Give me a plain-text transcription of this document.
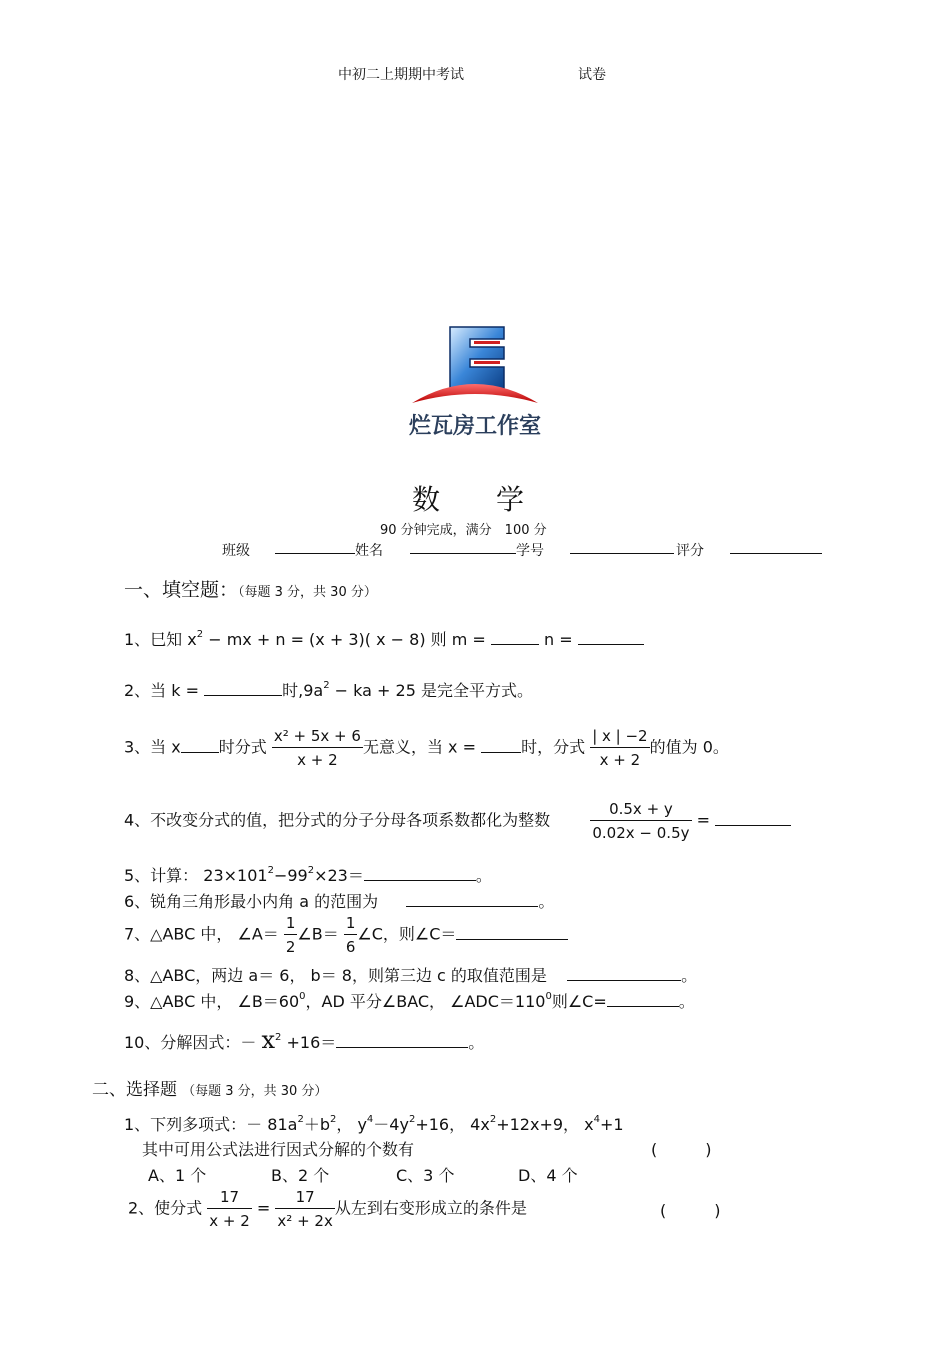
中初二上期期中考试	试卷
烂瓦房工作室
数　　学
90 分钟完成，满分　100 分
班级	姓名	学号	评分
一、填空题：（每题 3 分，共 30 分）
1、巳知 $x^2$ − mx + n = (x + 3)( x − 8) 则 m =	n =
2、当 k =	时$,9a^2$ − ka + 25 是完全平方式。
3、当 x 时分式 $\frac{\text{x² + 5x + 6}}{x + 2}$ 无意义，当 x =	时，分式 $\frac{| x | -2}{x + 2}$ 的值为 0。
4、不改变分式的值，把分式的分子分母各项系数都化为整数	$\frac{0.5x + y}{0.02x - 0.5y}$ =
5、计算： $23\times 101^2-99^2\times 23=$	。
6、锐角三角形最小内角 a 的范围为	。
7、△ABC 中， ∠A＝ $\frac{1}{2}$ ∠B＝ $\frac{1}{6}$ ∠C，则∠C＝
8、△ABC，两边 a＝ 6， b＝ 8，则第三边 c 的取值范围是	。
9、△ABC 中， $\angle B=60^0$，AD 平分∠BAC， $\angle ADC=110^0$则∠C=	。
10、分解因式：－ $x^2 +16=$	。
二、选择题 （每题 3 分，共 30 分）
1、下列多项式：－ $81a^2+b^2$， $y^4-4y^2+16$， $4x^2+12x+9$， $x^4+1$
其中可用公式法进行因式分解的个数有	(　　　)
A、1 个	B、2 个	C、3 个	D、4 个
2、使分式 $\frac{17}{x + 2} = \frac{17}{\text{x² + 2x}}$ 从左到右变形成立的条件是	(　　　)
